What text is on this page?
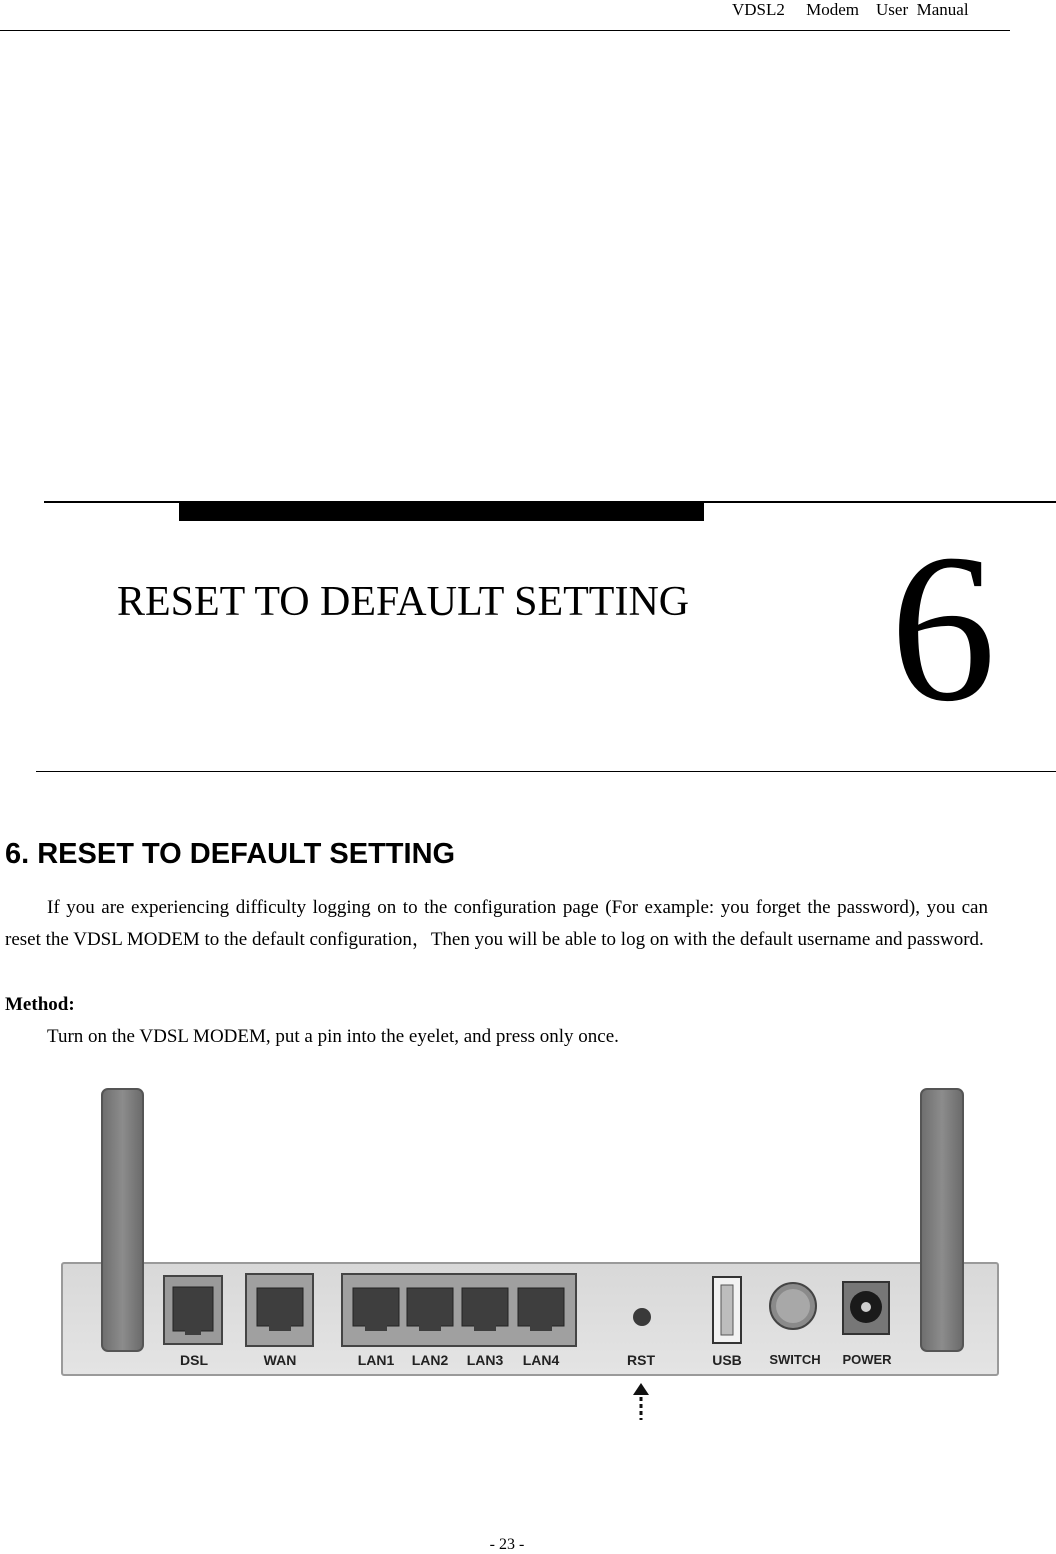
VDSL2     Modem    User  Manual
RESET TO DEFAULT SETTING 6
6. RESET TO DEFAULT SETTING
If you are experiencing difficulty logging on to the configuration page (For example: you forget the password), you can reset the VDSL MODEM to the default configuration，Then you will be able to log on with the default username and password.
Method:
Turn on the VDSL MODEM, put a pin into the eyelet, and press only once.
DSL	WAN	LAN1 LAN2 LAN3 LAN4	RST	USB SWITCH POWER
- 23 -
